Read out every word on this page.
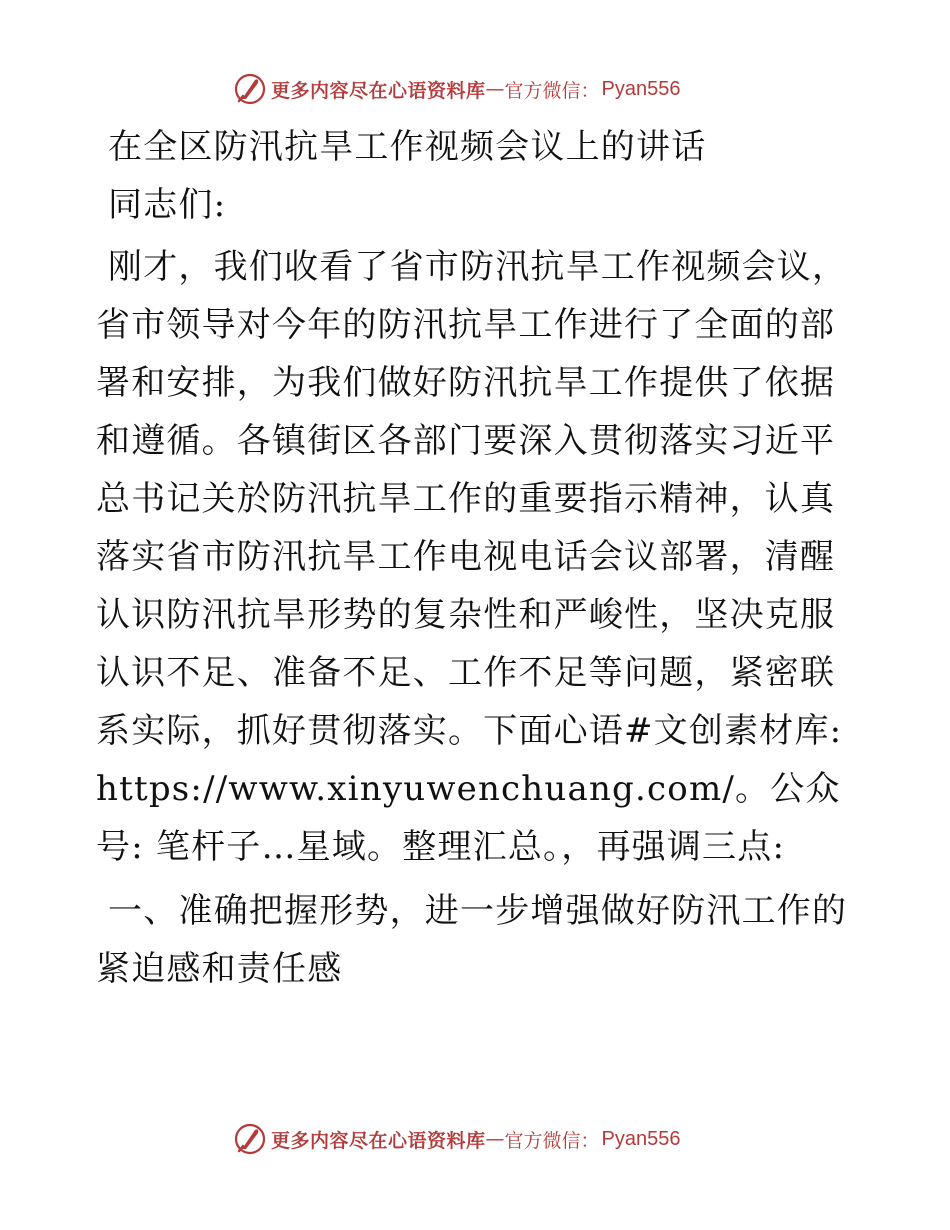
更多内容尽在心语资料库 — 官方微信： Pyan556

在全区防汛抗旱工作视频会议上的讲话

同志们:

刚才，我们收看了省市防汛抗旱工作视频会议，省市领导对今年的防汛抗旱工作进行了全面的部署和安排，为我们做好防汛抗旱工作提供了依据和遵循。各镇街区各部门要深入贯彻落实习近平总书记关於防汛抗旱工作的重要指示精神，认真落实省市防汛抗旱工作电视电话会议部署，清醒认识防汛抗旱形势的复杂性和严峻性，坚决克服认识不足、准备不足、工作不足等问题，紧密联系实际，抓好贯彻落实。下面心语#文创素材库: https://www.xinyuwenchuang.com/。公众号: 笔杆子…星域。整理汇总。，再强调三点:

一、准确把握形势，进一步增强做好防汛工作的紧迫感和责任感

更多内容尽在心语资料库 — 官方微信： Pyan556
